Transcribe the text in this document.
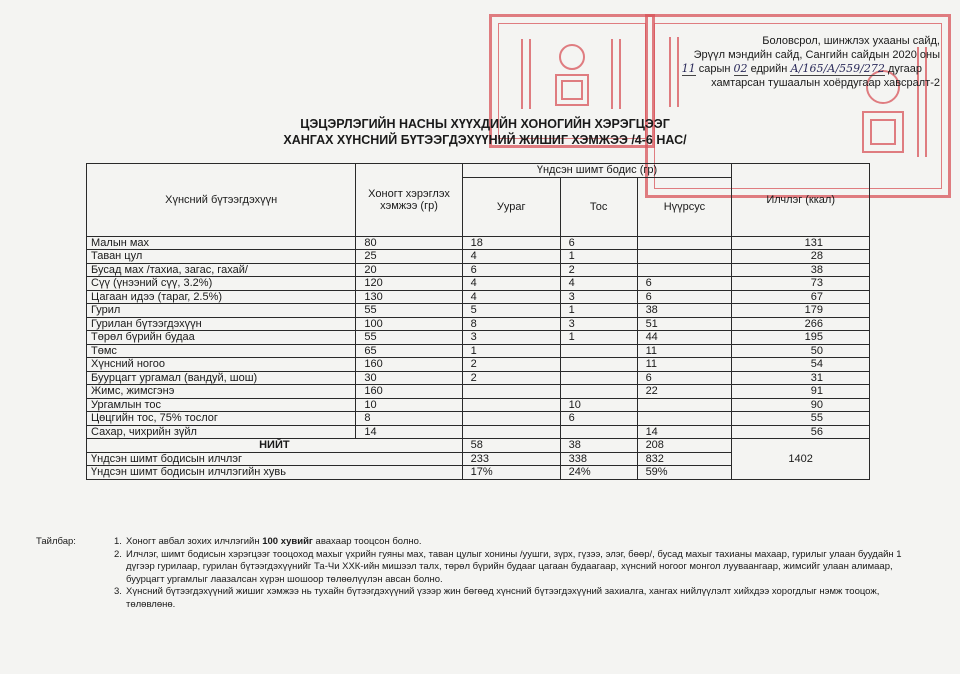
Боловсрол, шинжлэх ухааны сайд,
Эрүүл мэндийн сайд, Сангийн сайдын 2020 оны
11 сарын 02 едрийн А/165/А/559/272 дугаар
хамтарсан тушаалын хоёрдугаар хавсралт-2
ЦЭЦЭРЛЭГИЙН НАСНЫ ХҮҮХДИЙН ХОНОГИЙН ХЭРЭГЦЭЭГ
ХАНГАХ ХҮНСНИЙ БҮТЭЭГДЭХҮҮНИЙ ЖИШИГ ХЭМЖЭЭ /4-6 НАС/
Хүнсний бүтээгдэхүүн	Хоногт хэрэглэх хэмжээ (гр)	Үндсэн шимт бодис (гр)			Илчлэг (ккал)
		Уураг	Тос	Нүүрсус	
Малын мах	80	18	6		131
Таван цул	25	4	1		28
Бусад мах /тахиа, загас, гахай/	20	6	2		38
Сүү (үнээний сүү, 3.2%)	120	4	4	6	73
Цагаан идээ (тараг, 2.5%)	130	4	3	6	67
Гурил	55	5	1	38	179
Гурилан бүтээгдэхүүн	100	8	3	51	266
Төрөл бүрийн будаа	55	3	1	44	195
Төмс	65	1		11	50
Хүнсний ногоо	160	2		11	54
Буурцагт ургамал (вандуй, шош)	30	2		6	31
Жимс, жимсгэнэ	160			22	91
Ургамлын тос	10		10		90
Цөцгийн тос, 75% тослог	8		6		55
Сахар, чихрийн зүйл	14			14	56
НИЙТ		58	38	208	1402
Үндсэн шимт бодисын илчлэг		233	338	832	
Үндсэн шимт бодисын илчлэгийн хувь		17%	24%	59%	
Тайлбар:	1. Хоногт авбал зохих илчлэгийн 100 хувийг авахаар тооцсон болно.
2. Илчлэг, шимт бодисын хэрэгцээг тооцоход махыг үхрийн гуяны мах, таван цулыг хонины /уушги, зүрх, гүзээ, элэг, бөөр/, бусад махыг тахианы махаар, гурилыг улаан буудайн 1 дүгээр гурилаар, гурилан бүтээгдэхүүнийг Та-Чи ХХК-ийн мишээл талх, төрөл бүрийн будааг цагаан будаагаар, хүнсний ногоог монгол лууваангаар, жимсийг улаан алимаар, буурцагт ургамлыг лаазалсан хүрэн шошоор төлөөлүүлэн авсан болно.
3. Хүнсний бүтээгдэхүүний жишиг хэмжээ нь тухайн бүтээгдэхүүний үзээр жин бөгөөд хүнсний бүтээгдэхүүний захиалга, хангах нийлүүлэлт хийхдээ хорогдлыг нэмж тооцож, төлөвлөнө.
